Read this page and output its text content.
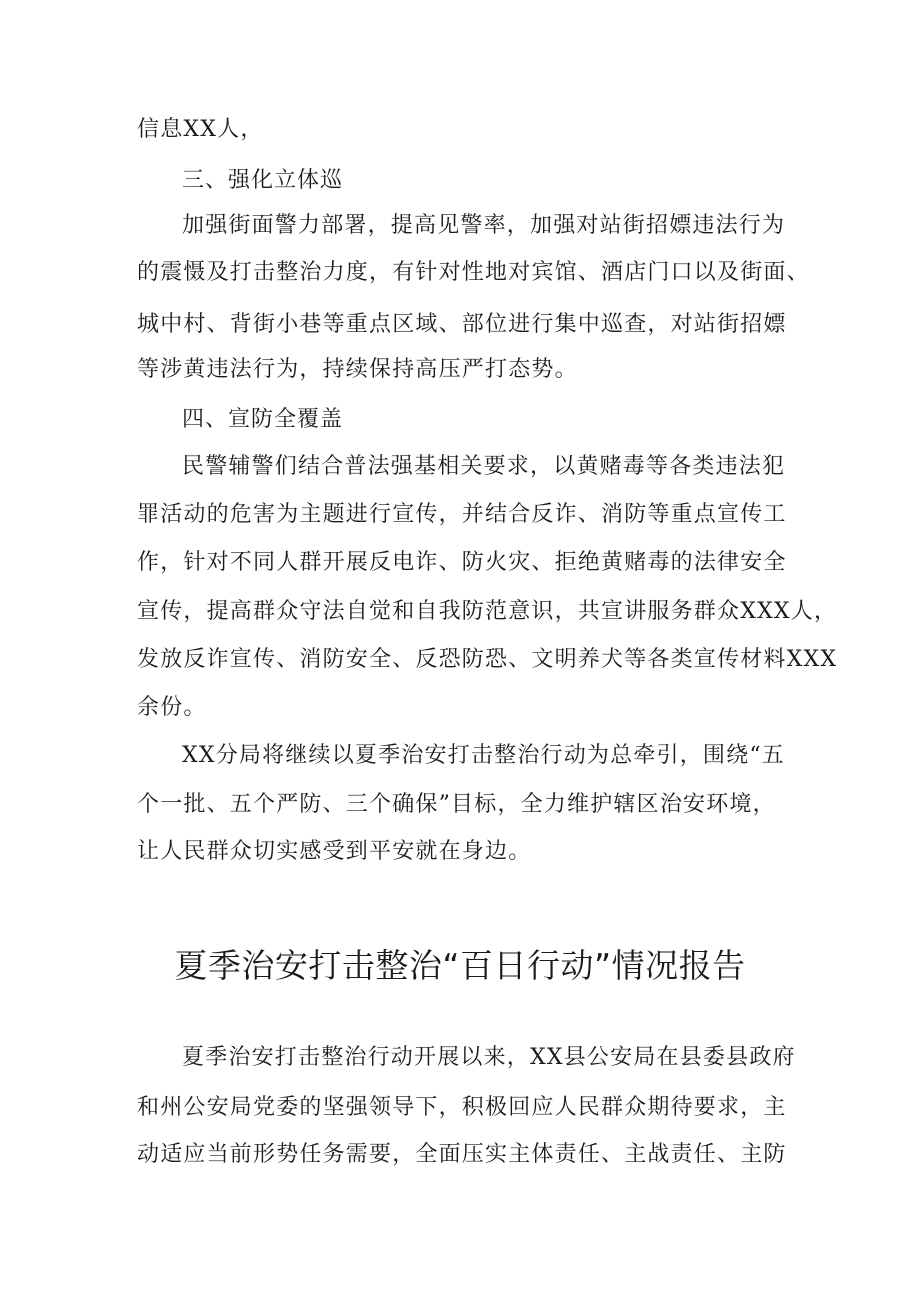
信息XX人，
三、强化立体巡
加强街面警力部署，提高见警率，加强对站街招嫖违法行为
的震慑及打击整治力度，有针对性地对宾馆、酒店门口以及街面、
城中村、背街小巷等重点区域、部位进行集中巡查，对站街招嫖
等涉黄违法行为，持续保持高压严打态势。
四、宣防全覆盖
民警辅警们结合普法强基相关要求，以黄赌毒等各类违法犯
罪活动的危害为主题进行宣传，并结合反诈、消防等重点宣传工
作，针对不同人群开展反电诈、防火灾、拒绝黄赌毒的法律安全
宣传，提高群众守法自觉和自我防范意识，共宣讲服务群众XXX人，
发放反诈宣传、消防安全、反恐防恐、文明养犬等各类宣传材料XXX
余份。
XX分局将继续以夏季治安打击整治行动为总牵引，围绕“五
个一批、五个严防、三个确保”目标，全力维护辖区治安环境，
让人民群众切实感受到平安就在身边。
夏季治安打击整治“百日行动”情况报告
夏季治安打击整治行动开展以来，XX县公安局在县委县政府
和州公安局党委的坚强领导下，积极回应人民群众期待要求，主
动适应当前形势任务需要，全面压实主体责任、主战责任、主防
